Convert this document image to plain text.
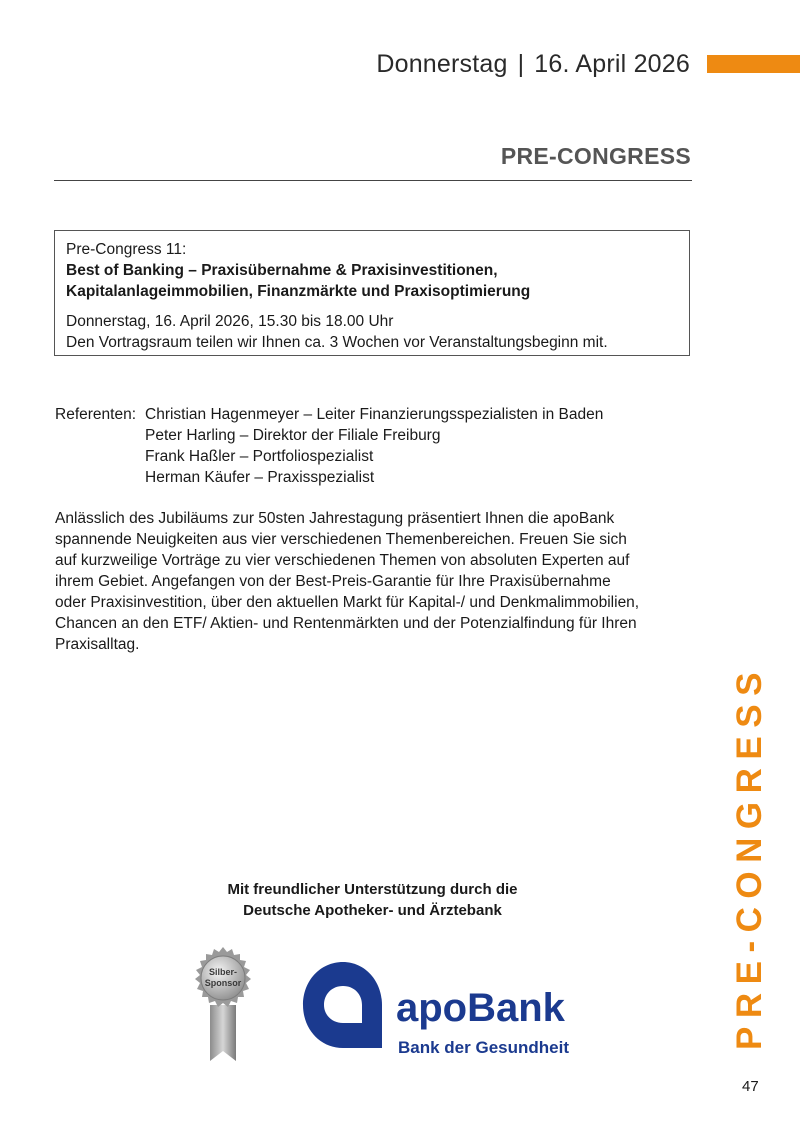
Donnerstag | 16. April 2026
PRE-CONGRESS
Pre-Congress 11:
Best of Banking – Praxisübernahme & Praxisinvestitionen,
Kapitalanlageimmobilien, Finanzmärkte und Praxisoptimierung
Donnerstag, 16. April 2026, 15.30 bis 18.00 Uhr
Den Vortragsraum teilen wir Ihnen ca. 3 Wochen vor Veranstaltungsbeginn mit.
Referenten: Christian Hagenmeyer – Leiter Finanzierungsspezialisten in Baden
Peter Harling – Direktor der Filiale Freiburg
Frank Haßler – Portfoliospezialist
Herman Käufer – Praxisspezialist
Anlässlich des Jubiläums zur 50sten Jahrestagung präsentiert Ihnen die apoBank
spannende Neuigkeiten aus vier verschiedenen Themenbereichen. Freuen Sie sich
auf kurzweilige Vorträge zu vier verschiedenen Themen von absoluten Experten auf
ihrem Gebiet. Angefangen von der Best-Preis-Garantie für Ihre Praxisübernahme
oder Praxisinvestition, über den aktuellen Markt für Kapital-/ und Denkmalimmobilien,
Chancen an den ETF/ Aktien- und Rentenmärkten und der Potenzialfindung für Ihren
Praxisalltag.
Mit freundlicher Unterstützung durch die
Deutsche Apotheker- und Ärztebank
Silber-
Sponsor
apoBank
Bank der Gesundheit	PRE-CONGRESS
47
